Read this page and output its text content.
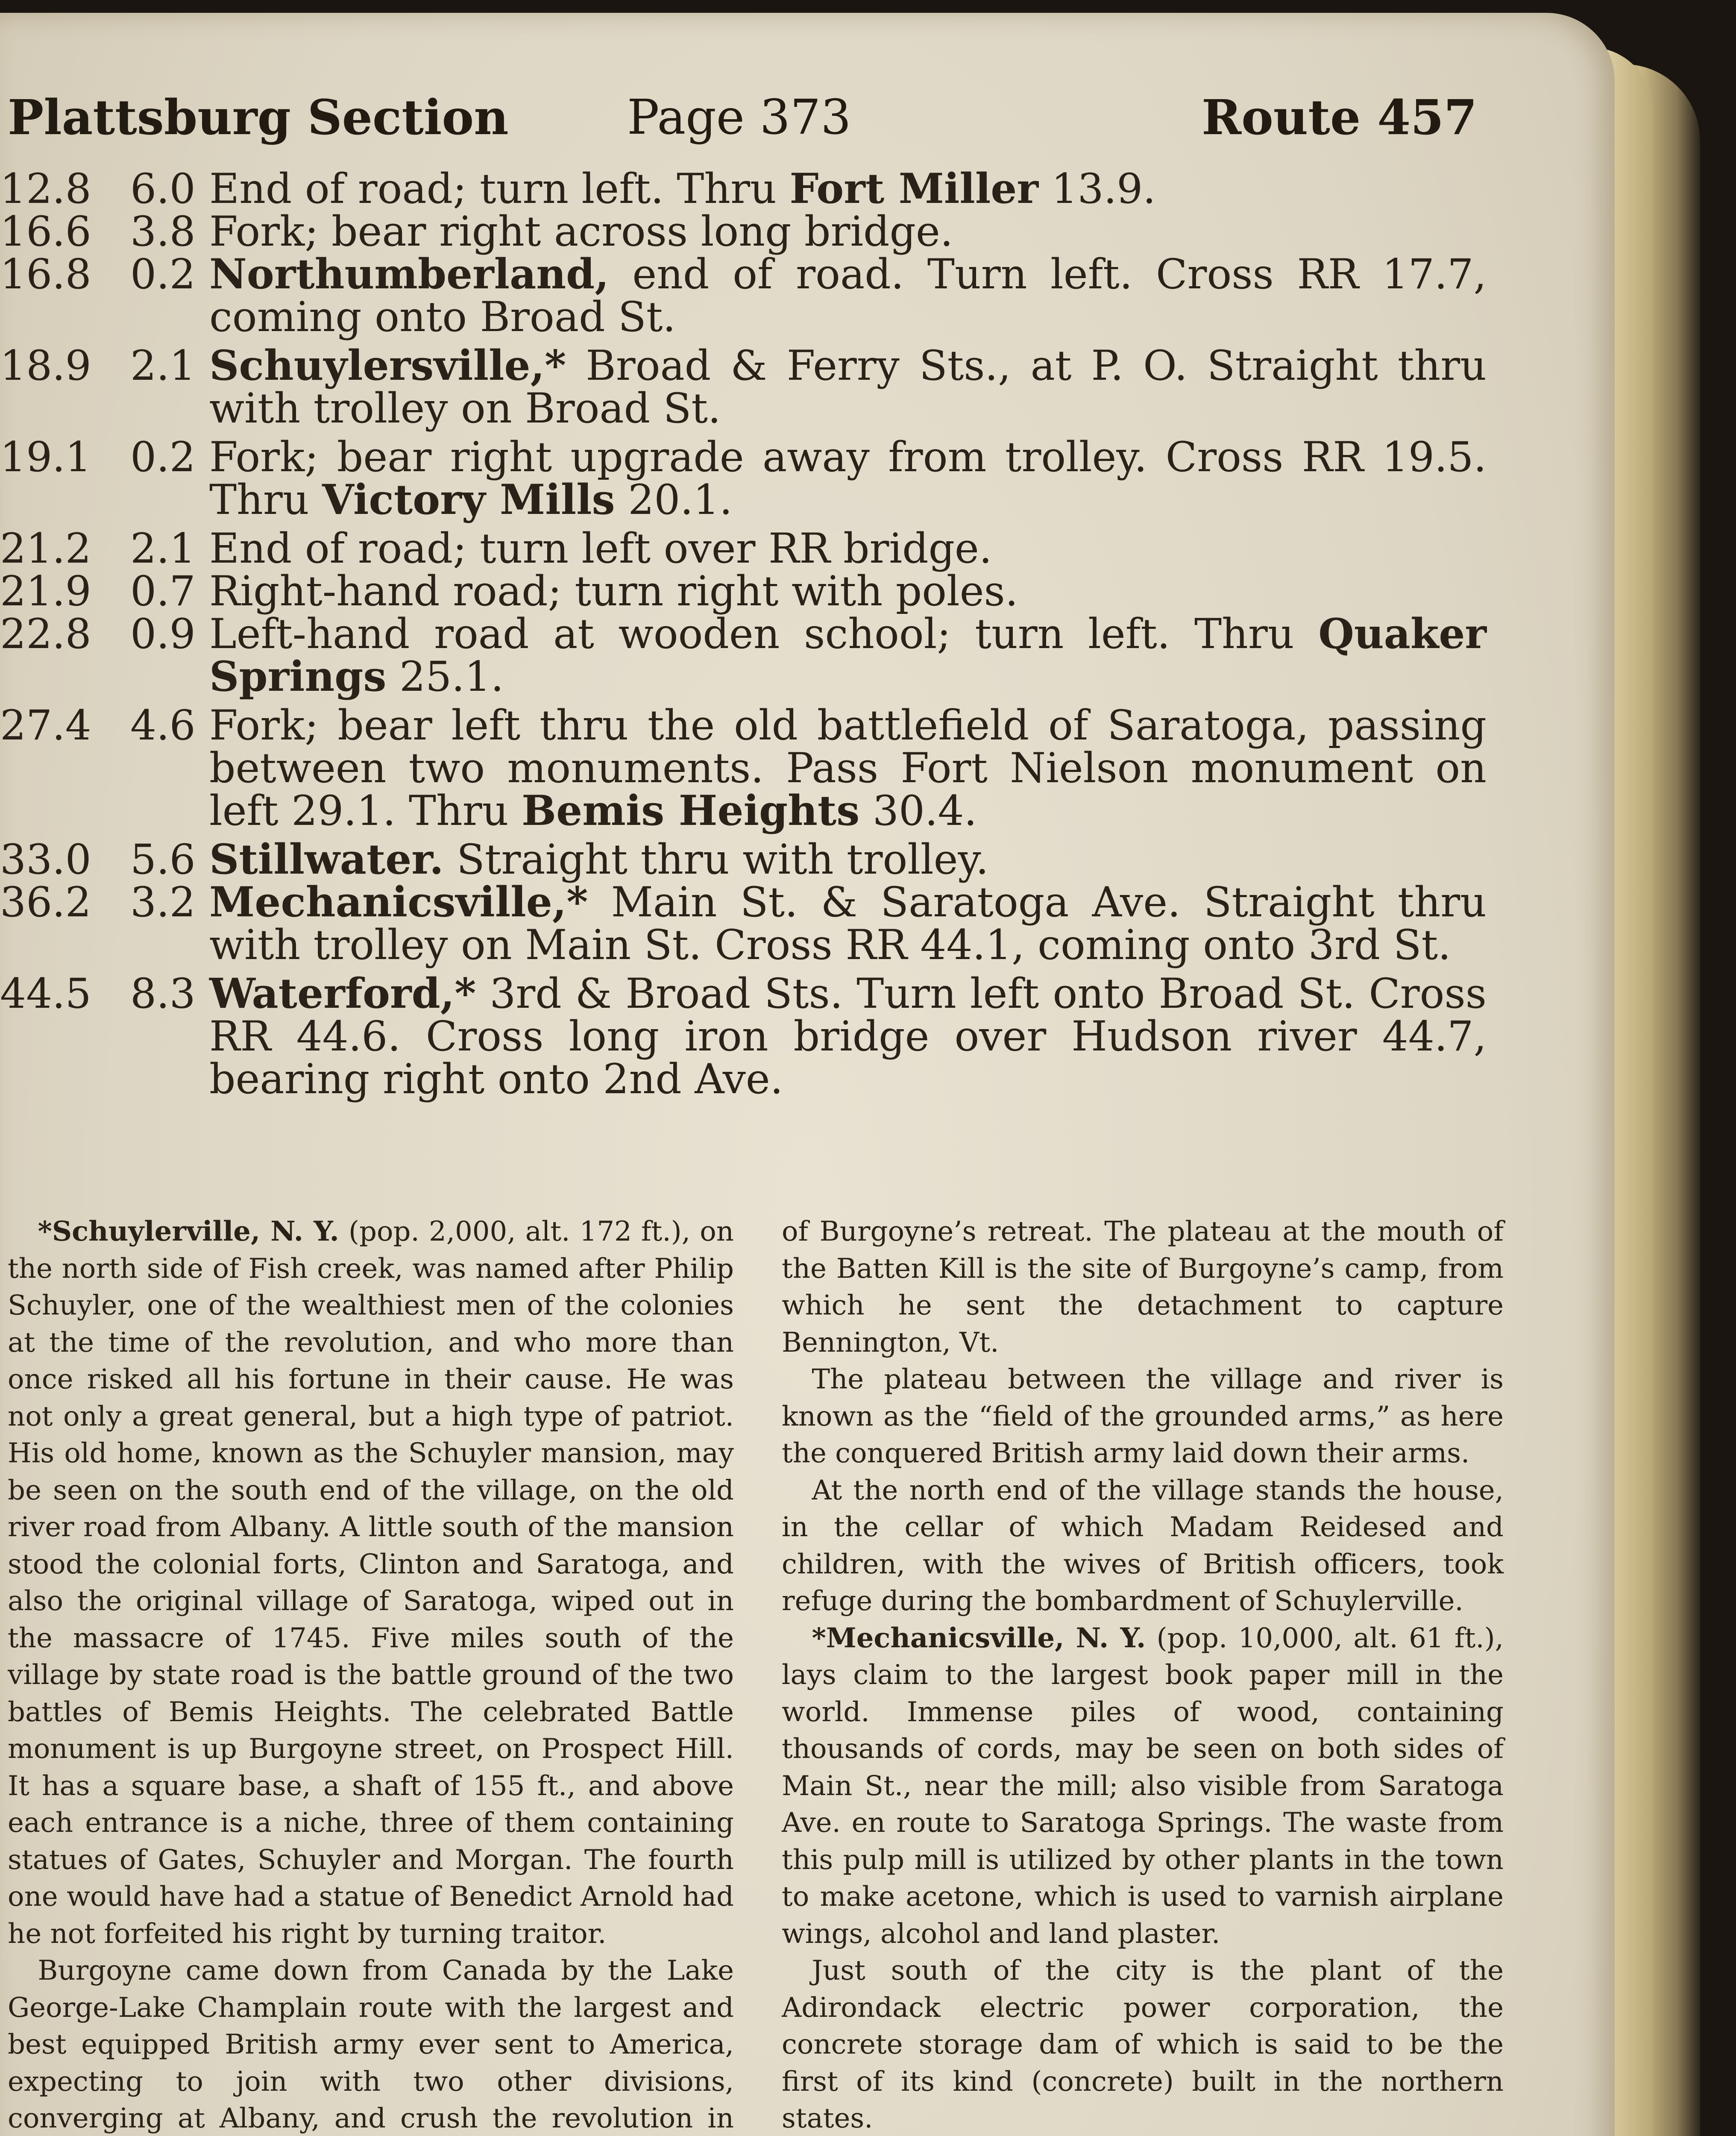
Plattsburg Section Page 373	Route 457
12.8 6.0 End of road; turn left. Thru Fort Miller 13.9.
16.6 3.8 Fork; bear right across long bridge.
16.8 0.2 Northumberland, end of road. Turn left. Cross RR 17.7, coming onto Broad St.
18.9 2.1 Schuylersville,* Broad & Ferry Sts., at P. O. Straight thru with trolley on Broad St.
19.1 0.2 Fork; bear right upgrade away from trolley. Cross RR 19.5. Thru Victory Mills 20.1.
21.2 2.1 End of road; turn left over RR bridge.
21.9 0.7 Right-hand road; turn right with poles.
22.8 0.9 Left-hand road at wooden school; turn left. Thru Quaker Springs 25.1.
27.4 4.6 Fork; bear left thru the old battlefield of Saratoga, passing between two monuments. Pass Fort Nielson monument on left 29.1. Thru Bemis Heights 30.4.
33.0 5.6 Stillwater. Straight thru with trolley.
36.2 3.2 Mechanicsville,* Main St. & Saratoga Ave. Straight thru with trolley on Main St. Cross RR 44.1, coming onto 3rd St.
44.5 8.3 Waterford,* 3rd & Broad Sts. Turn left onto Broad St. Cross RR 44.6. Cross long iron bridge over Hudson river 44.7, bearing right onto 2nd Ave.

*Schuylerville, N. Y. (pop. 2,000, alt. 172 ft.), on the north side of Fish creek, was named after Philip Schuyler, one of the wealthiest men of the colonies at the time of the revolution, and who more than once risked all his fortune in their cause. He was not only a great general, but a high type of patriot. His old home, known as the Schuyler mansion, may be seen on the south end of the village, on the old river road from Albany. A little south of the mansion stood the colonial forts, Clinton and Saratoga, and also the original village of Saratoga, wiped out in the massacre of 1745. Five miles south of the village by state road is the battle ground of the two battles of Bemis Heights. The celebrated Battle monument is up Burgoyne street, on Prospect Hill. It has a square base, a shaft of 155 ft., and above each entrance is a niche, three of them containing statues of Gates, Schuyler and Morgan. The fourth one would have had a statue of Benedict Arnold had he not forfeited his right by turning traitor.

Burgoyne came down from Canada by the Lake George-Lake Champlain route with the largest and best equipped British army ever sent to America, expecting to join with two other divisions, converging at Albany, and crush the revolution in

of Burgoyne’s retreat. The plateau at the mouth of the Batten Kill is the site of Burgoyne’s camp, from which he sent the detachment to capture Bennington, Vt.

The plateau between the village and river is known as the “field of the grounded arms,” as here the conquered British army laid down their arms.

At the north end of the village stands the house, in the cellar of which Madam Reidesed and children, with the wives of British officers, took refuge during the bombardment of Schuylerville.

*Mechanicsville, N. Y. (pop. 10,000, alt. 61 ft.), lays claim to the largest book paper mill in the world. Immense piles of wood, containing thousands of cords, may be seen on both sides of Main St., near the mill; also visible from Saratoga Ave. en route to Saratoga Springs. The waste from this pulp mill is utilized by other plants in the town to make acetone, which is used to varnish airplane wings, alcohol and land plaster.

Just south of the city is the plant of the Adirondack electric power corporation, the concrete storage dam of which is said to be the first of its kind (concrete) built in the northern states.
